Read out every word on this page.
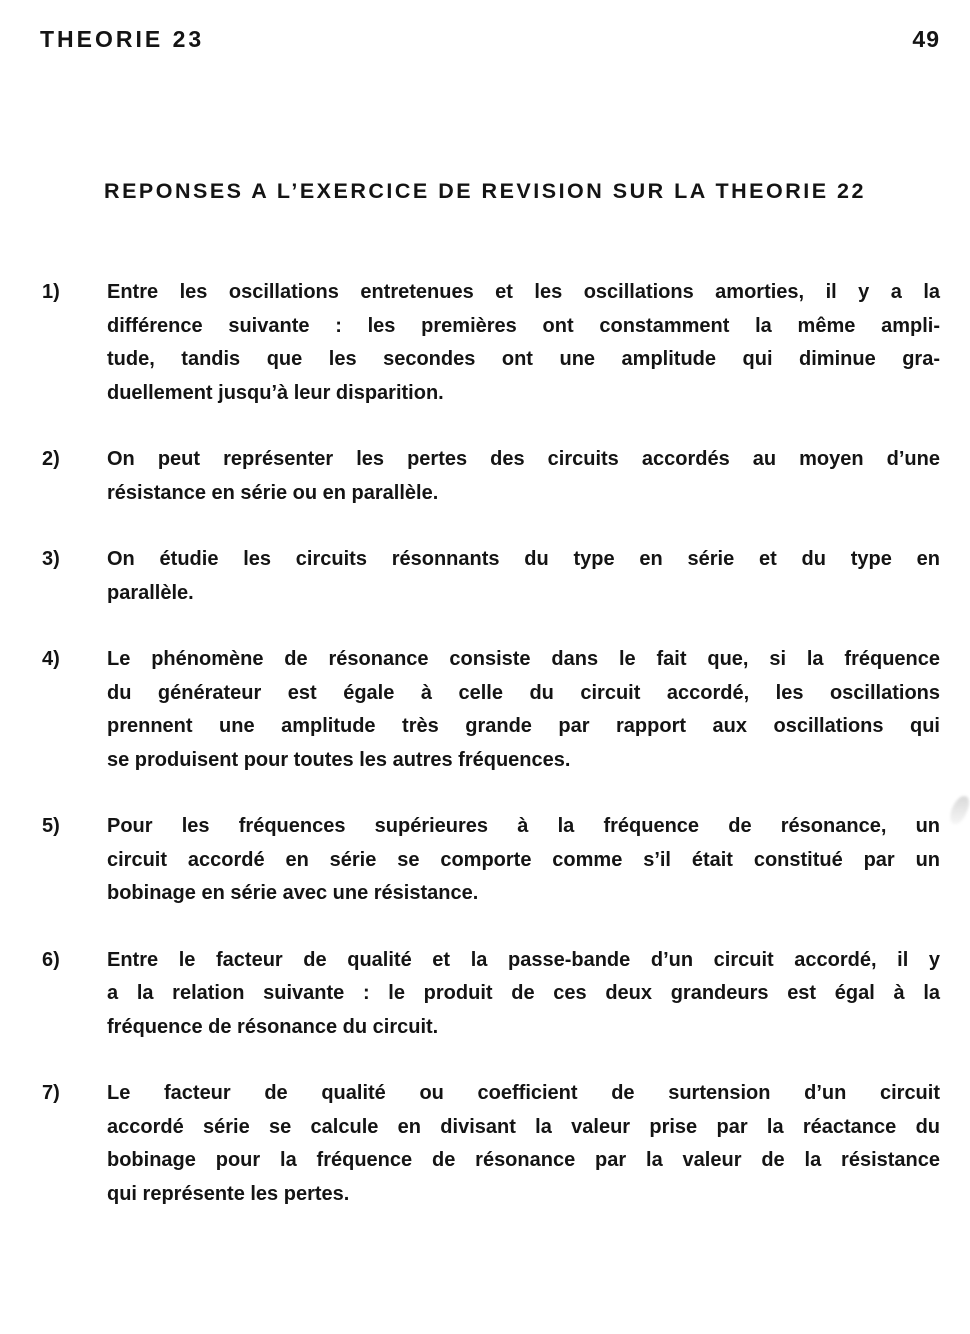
THEORIE 23	49
REPONSES A L’EXERCICE DE REVISION SUR LA THEORIE 22
1)	Entre les oscillations entretenues et les oscillations amorties, il y a la
différence suivante : les premières ont constamment la même ampli-
tude, tandis que les secondes ont une amplitude qui diminue gra-
duellement jusqu’à leur disparition.
2)	On peut représenter les pertes des circuits accordés au moyen d’une
résistance en série ou en parallèle.
3)	On étudie les circuits résonnants du type en série et du type en
parallèle.
4)	Le phénomène de résonance consiste dans le fait que, si la fréquence
du générateur est égale à celle du circuit accordé, les oscillations
prennent une amplitude très grande par rapport aux oscillations qui
se produisent pour toutes les autres fréquences.
5)	Pour les fréquences supérieures à la fréquence de résonance, un
circuit accordé en série se comporte comme s’il était constitué par un
bobinage en série avec une résistance.
6)	Entre le facteur de qualité et la passe-bande d’un circuit accordé, il y
a la relation suivante : le produit de ces deux grandeurs est égal à la
fréquence de résonance du circuit.
7)	Le facteur de qualité ou coefficient de surtension d’un circuit
accordé série se calcule en divisant la valeur prise par la réactance du
bobinage pour la fréquence de résonance par la valeur de la résistance
qui représente les pertes.
